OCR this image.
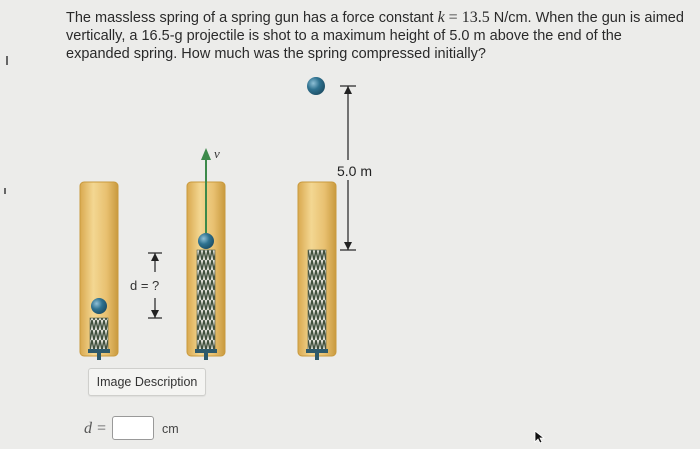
The massless spring of a spring gun has a force constant k = 13.5 N/cm. When the gun is aimed vertically, a 16.5-g projectile is shot to a maximum height of 5.0 m above the end of the expanded spring. How much was the spring compressed initially?

d = ?
v
5.0 m
Image Description
d =	cm
